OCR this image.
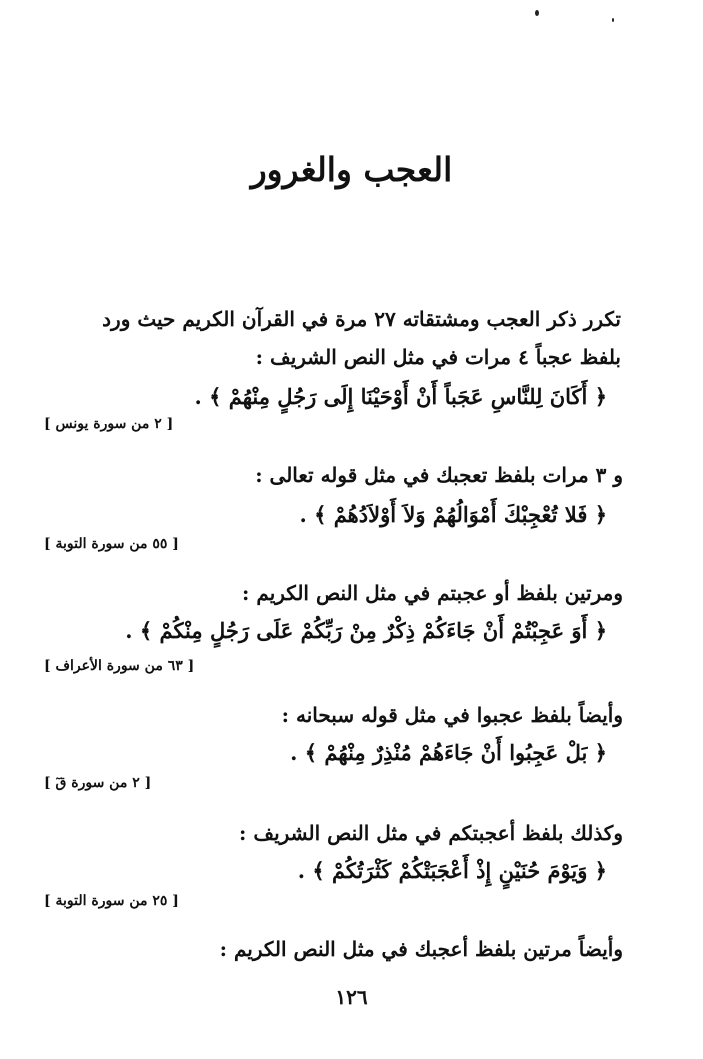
العجب والغرور
تكرر ذكر العجب ومشتقاته ٢٧ مرة في القرآن الكريم حيث ورد بلفظ عجباً ٤ مرات في مثل النص الشريف :
﴿ أَكَانَ لِلنَّاسِ عَجَباً أَنْ أَوْحَيْنَا إِلَى رَجُلٍ مِنْهُمْ ﴾ .
[ ٢ من سورة يونس ]
و ٣ مرات بلفظ تعجبك في مثل قوله تعالى :
﴿ فَلا تُعْجِبْكَ أَمْوَالُهُمْ وَلاَ أَوْلاَدُهُمْ ﴾ .
[ ٥٥ من سورة التوبة ]
ومرتين بلفظ أو عجبتم في مثل النص الكريم :
﴿ أَوَ عَجِبْتُمْ أَنْ جَاءَكُمْ ذِكْرٌ مِنْ رَبِّكُمْ عَلَى رَجُلٍ مِنْكُمْ ﴾ .
[ ٦٣ من سورة الأعراف ]
وأيضاً بلفظ عجبوا في مثل قوله سبحانه :
﴿ بَلْ عَجِبُوا أَنْ جَاءَهُمْ مُنْذِرٌ مِنْهُمْ ﴾ .
[ ٢ من سورة قٓ ]
وكذلك بلفظ أعجبتكم في مثل النص الشريف :
﴿ وَيَوْمَ حُنَيْنٍ إِذْ أَعْجَبَتْكُمْ كَثْرَتُكُمْ ﴾ .
[ ٢٥ من سورة التوبة ]
وأيضاً مرتين بلفظ أعجبك في مثل النص الكريم :
١٢٦
